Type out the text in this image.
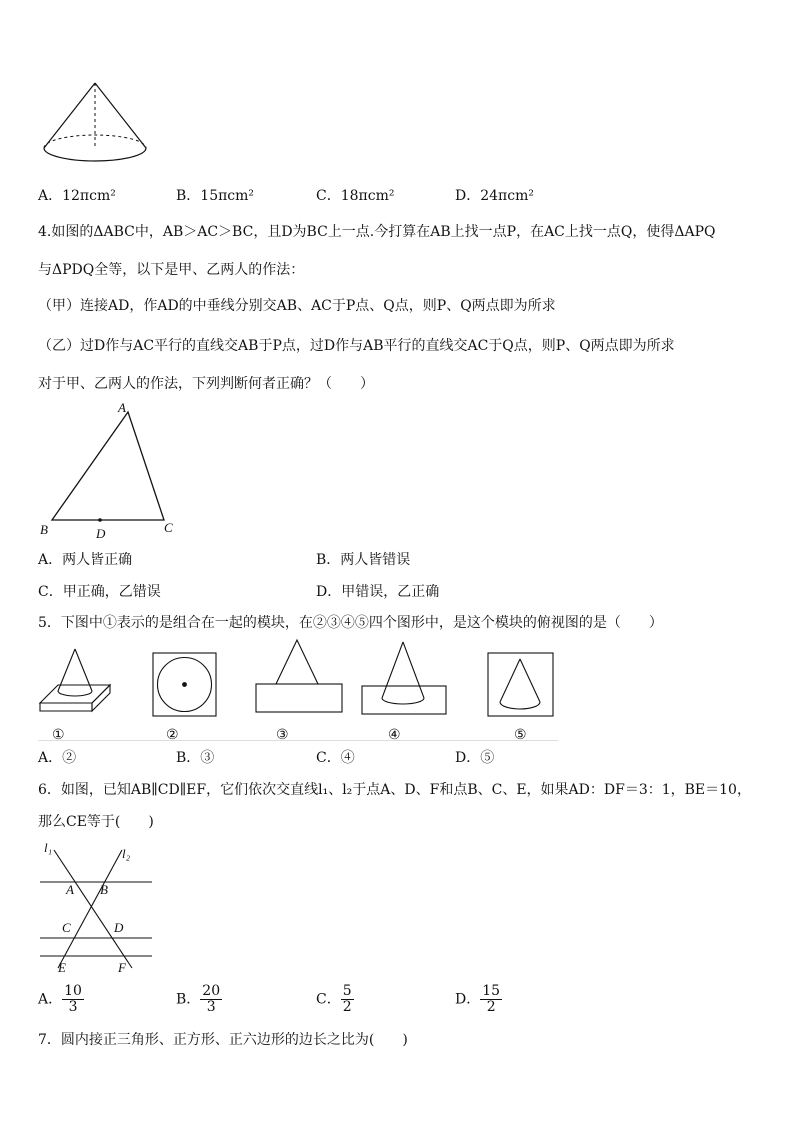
A．12πcm²	B．15πcm²	C．18πcm²	D．24πcm²
4.如图的ΔABC中，AB＞AC＞BC，且D为BC上一点.今打算在AB上找一点P，在AC上找一点Q，使得ΔAPQ
与ΔPDQ全等，以下是甲、乙两人的作法：
（甲）连接AD，作AD的中垂线分别交AB、AC于P点、Q点，则P、Q两点即为所求
（乙）过D作与AC平行的直线交AB于P点，过D作与AB平行的直线交AC于Q点，则P、Q两点即为所求
对于甲、乙两人的作法，下列判断何者正确？（　　）
A
B	C
D
A．两人皆正确	B．两人皆错误
C．甲正确，乙错误	D．甲错误，乙正确
5．下图中①表示的是组合在一起的模块，在②③④⑤四个图形中，是这个模块的俯视图的是（　　）
①	②	③	④	⑤
A．②	B．③	C．④	D．⑤
6．如图，已知AB∥CD∥EF，它们依次交直线l₁、l₂于点A、D、F和点B、C、E，如果AD：DF＝3：1，BE＝10，
那么CE等于(　　)
l₁	l₂
A B
C	D
E	F
A． $\frac{10}{3}$	B． $\frac{20}{3}$	C． $\frac{5}{2}$	D． $\frac{15}{2}$
7．圆内接正三角形、正方形、正六边形的边长之比为(　　)
